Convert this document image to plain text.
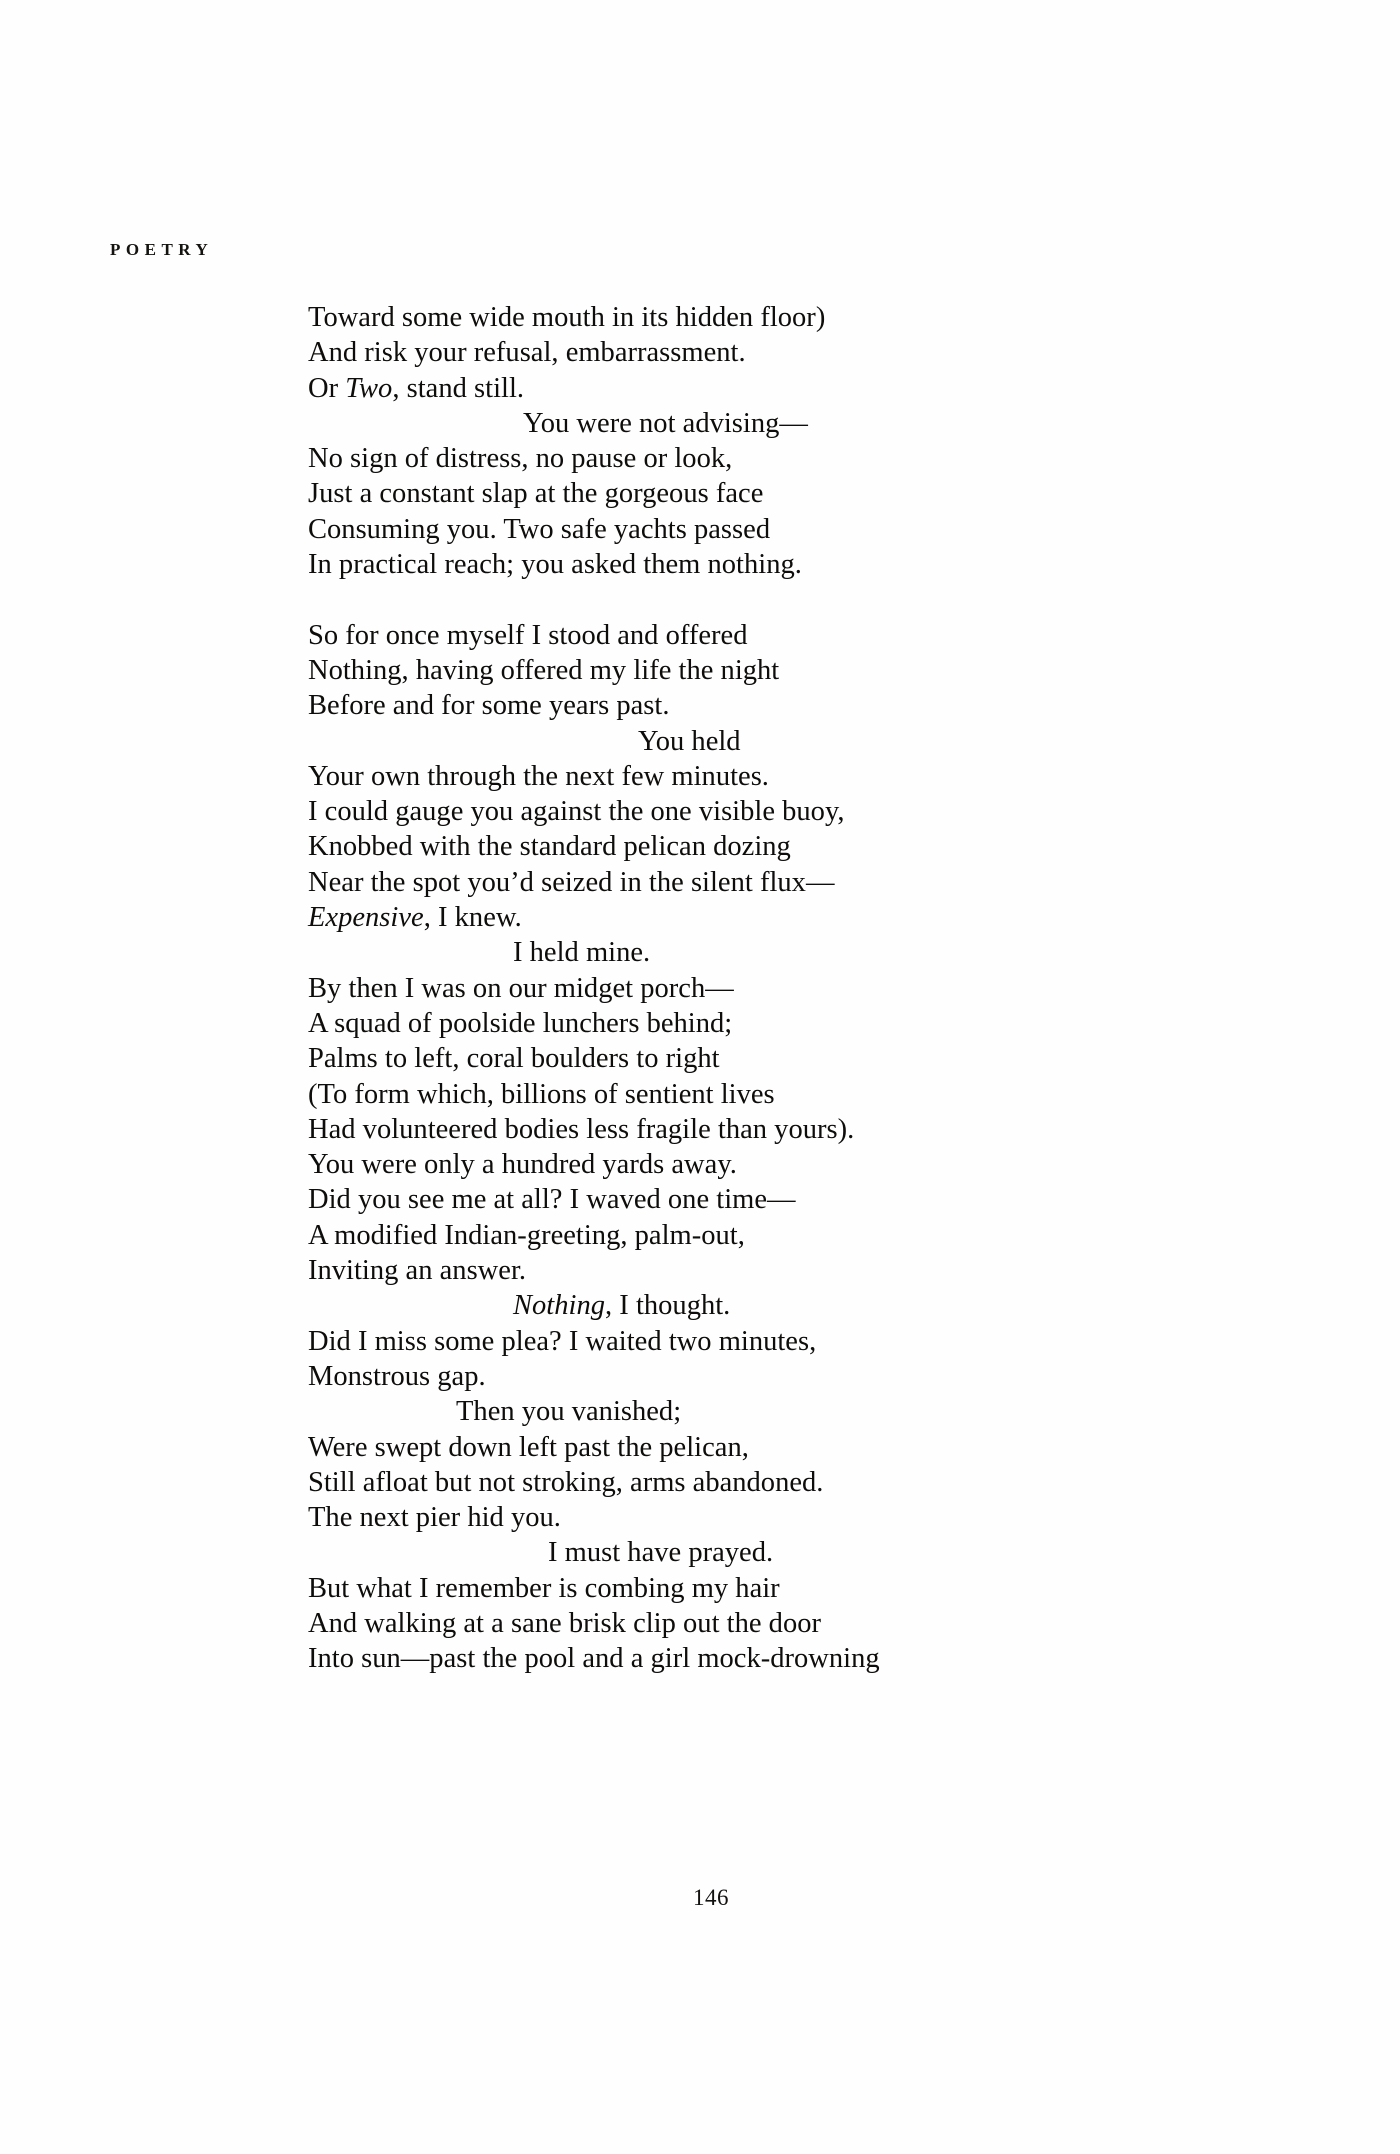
POETRY
Toward some wide mouth in its hidden floor)
And risk your refusal, embarrassment.
Or Two, stand still.
You were not advising—
No sign of distress, no pause or look,
Just a constant slap at the gorgeous face
Consuming you. Two safe yachts passed
In practical reach; you asked them nothing.
So for once myself I stood and offered
Nothing, having offered my life the night
Before and for some years past.
You held
Your own through the next few minutes.
I could gauge you against the one visible buoy,
Knobbed with the standard pelican dozing
Near the spot you’d seized in the silent flux—
Expensive, I knew.
I held mine.
By then I was on our midget porch—
A squad of poolside lunchers behind;
Palms to left, coral boulders to right
(To form which, billions of sentient lives
Had volunteered bodies less fragile than yours).
You were only a hundred yards away.
Did you see me at all? I waved one time—
A modified Indian-greeting, palm-out,
Inviting an answer.
Nothing, I thought.
Did I miss some plea? I waited two minutes,
Monstrous gap.
Then you vanished;
Were swept down left past the pelican,
Still afloat but not stroking, arms abandoned.
The next pier hid you.
I must have prayed.
But what I remember is combing my hair
And walking at a sane brisk clip out the door
Into sun—past the pool and a girl mock-drowning
146
